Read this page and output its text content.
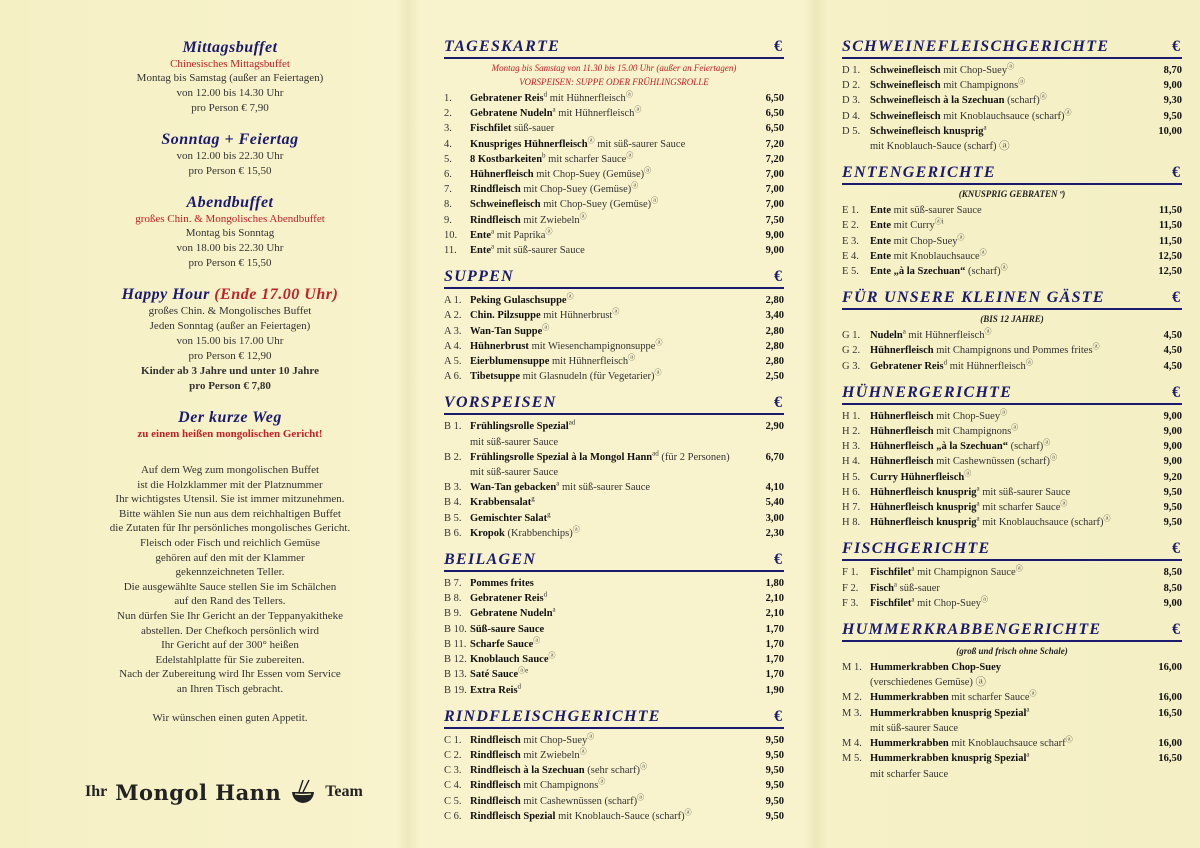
Mittagsbuffet
Chinesisches Mittagsbuffet
Montag bis Samstag (außer an Feiertagen)
von 12.00 bis 14.30 Uhr
pro Person € 7,90
Sonntag + Feiertag
von 12.00 bis 22.30 Uhr
pro Person € 15,50
Abendbuffet
großes Chin. & Mongolisches Abendbuffet
Montag bis Sonntag
von 18.00 bis 22.30 Uhr
pro Person € 15,50
Happy Hour (Ende 17.00 Uhr)
großes Chin. & Mongolisches Buffet
Jeden Sonntag (außer an Feiertagen)
von 15.00 bis 17.00 Uhr
pro Person € 12,90
Kinder ab 3 Jahre und unter 10 Jahre
pro Person € 7,80
Der kurze Weg
zu einem heißen mongolischen Gericht!
Auf dem Weg zum mongolischen Buffet
ist die Holzklammer mit der Platznummer
Ihr wichtigstes Utensil. Sie ist immer mitzunehmen.
Bitte wählen Sie nun aus dem reichhaltigen Buffet
die Zutaten für Ihr persönliches mongolisches Gericht.
Fleisch oder Fisch und reichlich Gemüse
gehören auf den mit der Klammer
gekennzeichneten Teller.
Die ausgewählte Sauce stellen Sie im Schälchen
auf den Rand des Tellers.
Nun dürfen Sie Ihr Gericht an der Teppanyakitheke
abstellen. Der Chefkoch persönlich wird
Ihr Gericht auf der 300° heißen
Edelstahlplatte für Sie zubereiten.
Nach der Zubereitung wird Ihr Essen vom Service
an Ihren Tisch gebracht.

Wir wünschen einen guten Appetit.
Ihr Mongol Hann	Team
TAGESKARTE	€
Montag bis Samstag von 11.30 bis 15.00 Uhr (außer an Feiertagen)
VORSPEISEN: SUPPE ODER FRÜHLINGSROLLE
1.	Gebratener Reis$^d$ mit Hühnerfleischⓐ	6,50
2.	Gebratene Nudeln$^a$ mit Hühnerfleischⓐ	6,50
3.	Fischfilet süß-sauer	6,50
4.	Knuspriges Hühnerfleischⓐ mit süß-saurer Sauce	7,20
5.	8 Kostbarkeiten$^b$ mit scharfer Sauceⓐ	7,20
6.	Hühnerfleisch mit Chop-Suey (Gemüse)ⓐ	7,00
7.	Rindfleisch mit Chop-Suey (Gemüse)ⓐ	7,00
8.	Schweinefleisch mit Chop-Suey (Gemüse)ⓐ	7,00
9.	Rindfleisch mit Zwiebelnⓐ	7,50
10.	Ente$^a$ mit Paprikaⓐ	9,00
11.	Ente$^a$ mit süß-saurer Sauce	9,00
SUPPEN	€
A 1. Peking Gulaschsuppeⓐ	2,80
A 2. Chin. Pilzsuppe mit Hühnerbrustⓐ	3,40
A 3. Wan-Tan Suppeⓐ	2,80
A 4. Hühnerbrust mit Wiesenchampignonsuppeⓐ	2,80
A 5. Eierblumensuppe mit Hühnerfleischⓐ	2,80
A 6. Tibetsuppe mit Glasnudeln (für Vegetarier)ⓐ	2,50
VORSPEISEN	€
B 1. Frühlingsrolle Spezial$^{ad}$	2,90
mit süß-saurer Sauce
B 2. Frühlingsrolle Spezial à la Mongol Hann$^{ad}$ (für 2 Personen)	6,70
mit süß-saurer Sauce
B 3. Wan-Tan gebacken$^a$ mit süß-saurer Sauce	4,10
B 4. Krabbensalat$^g$	5,40
B 5. Gemischter Salat$^g$	3,00
B 6. Kropok (Krabbenchips)ⓐ	2,30
BEILAGEN	€
B 7. Pommes frites	1,80
B 8. Gebratener Reis$^d$	2,10
B 9. Gebratene Nudeln$^a$	2,10
B 10. Süß-saure Sauce	1,70
B 11. Scharfe Sauceⓐ	1,70
B 12. Knoblauch Sauceⓐ	1,70
B 13. Saté Sauce$^{ⓐe}$	1,70
B 19. Extra Reis$^d$	1,90
RINDFLEISCHGERICHTE	€
C 1. Rindfleisch mit Chop-Sueyⓐ	9,50
C 2. Rindfleisch mit Zwiebelnⓐ	9,50
C 3. Rindfleisch à la Szechuan (sehr scharf)ⓐ	9,50
C 4. Rindfleisch mit Champignonsⓐ	9,50
C 5. Rindfleisch mit Cashewnüssen (scharf)ⓐ	9,50
C 6. Rindfleisch Spezial mit Knoblauch-Sauce (scharf)ⓐ	9,50
SCHWEINEFLEISCHGERICHTE	€
D 1. Schweinefleisch mit Chop-Sueyⓐ	8,70
D 2. Schweinefleisch mit Champignonsⓐ	9,00
D 3. Schweinefleisch à la Szechuan (scharf)ⓐ	9,30
D 4. Schweinefleisch mit Knoblauchsauce (scharf)ⓐ	9,50
D 5. Schweinefleisch knusprig$^a$	10,00
mit Knoblauch-Sauce (scharf) ⓐ
ENTENGERICHTE	€
(KNUSPRIG GEBRATEN ª)
E 1.	Ente mit süß-saurer Sauce	11,50
E 2.	Ente mit Curry$^{ⓐi}$	11,50
E 3.	Ente mit Chop-Sueyⓐ	11,50
E 4.	Ente mit Knoblauchsauceⓐ	12,50
E 5.	Ente „à la Szechuan“ (scharf)ⓐ	12,50
FÜR UNSERE KLEINEN GÄSTE	€
(BIS 12 JAHRE)
G 1. Nudeln$^a$ mit Hühnerfleischⓐ	4,50
G 2. Hühnerfleisch mit Champignons und Pommes fritesⓐ	4,50
G 3. Gebratener Reis$^d$ mit Hühnerfleischⓐ	4,50
HÜHNERGERICHTE	€
H 1. Hühnerfleisch mit Chop-Sueyⓐ	9,00
H 2. Hühnerfleisch mit Champignonsⓐ	9,00
H 3. Hühnerfleisch „à la Szechuan“ (scharf)ⓐ	9,00
H 4. Hühnerfleisch mit Cashewnüssen (scharf)ⓐ	9,00
H 5. Curry Hühnerfleischⓐ	9,20
H 6. Hühnerfleisch knusprig$^a$ mit süß-saurer Sauce	9,50
H 7. Hühnerfleisch knusprig$^a$ mit scharfer Sauceⓐ	9,50
H 8. Hühnerfleisch knusprig$^a$ mit Knoblauchsauce (scharf)ⓐ	9,50
FISCHGERICHTE	€
F 1.	Fischfilet$^a$ mit Champignon Sauceⓐ	8,50
F 2.	Fisch$^a$ süß-sauer	8,50
F 3.	Fischfilet$^a$ mit Chop-Sueyⓐ	9,00
HUMMERKRABBENGERICHTE	€
(groß und frisch ohne Schale)
M 1. Hummerkrabben Chop-Suey	16,00
(verschiedenes Gemüse) ⓐ
M 2. Hummerkrabben mit scharfer Sauceⓐ	16,00
M 3. Hummerkrabben knusprig Spezial$^a$	16,50
mit süß-saurer Sauce
M 4. Hummerkrabben mit Knoblauchsauce scharfⓐ	16,00
M 5. Hummerkrabben knusprig Spezial$^a$	16,50
mit scharfer Sauce
